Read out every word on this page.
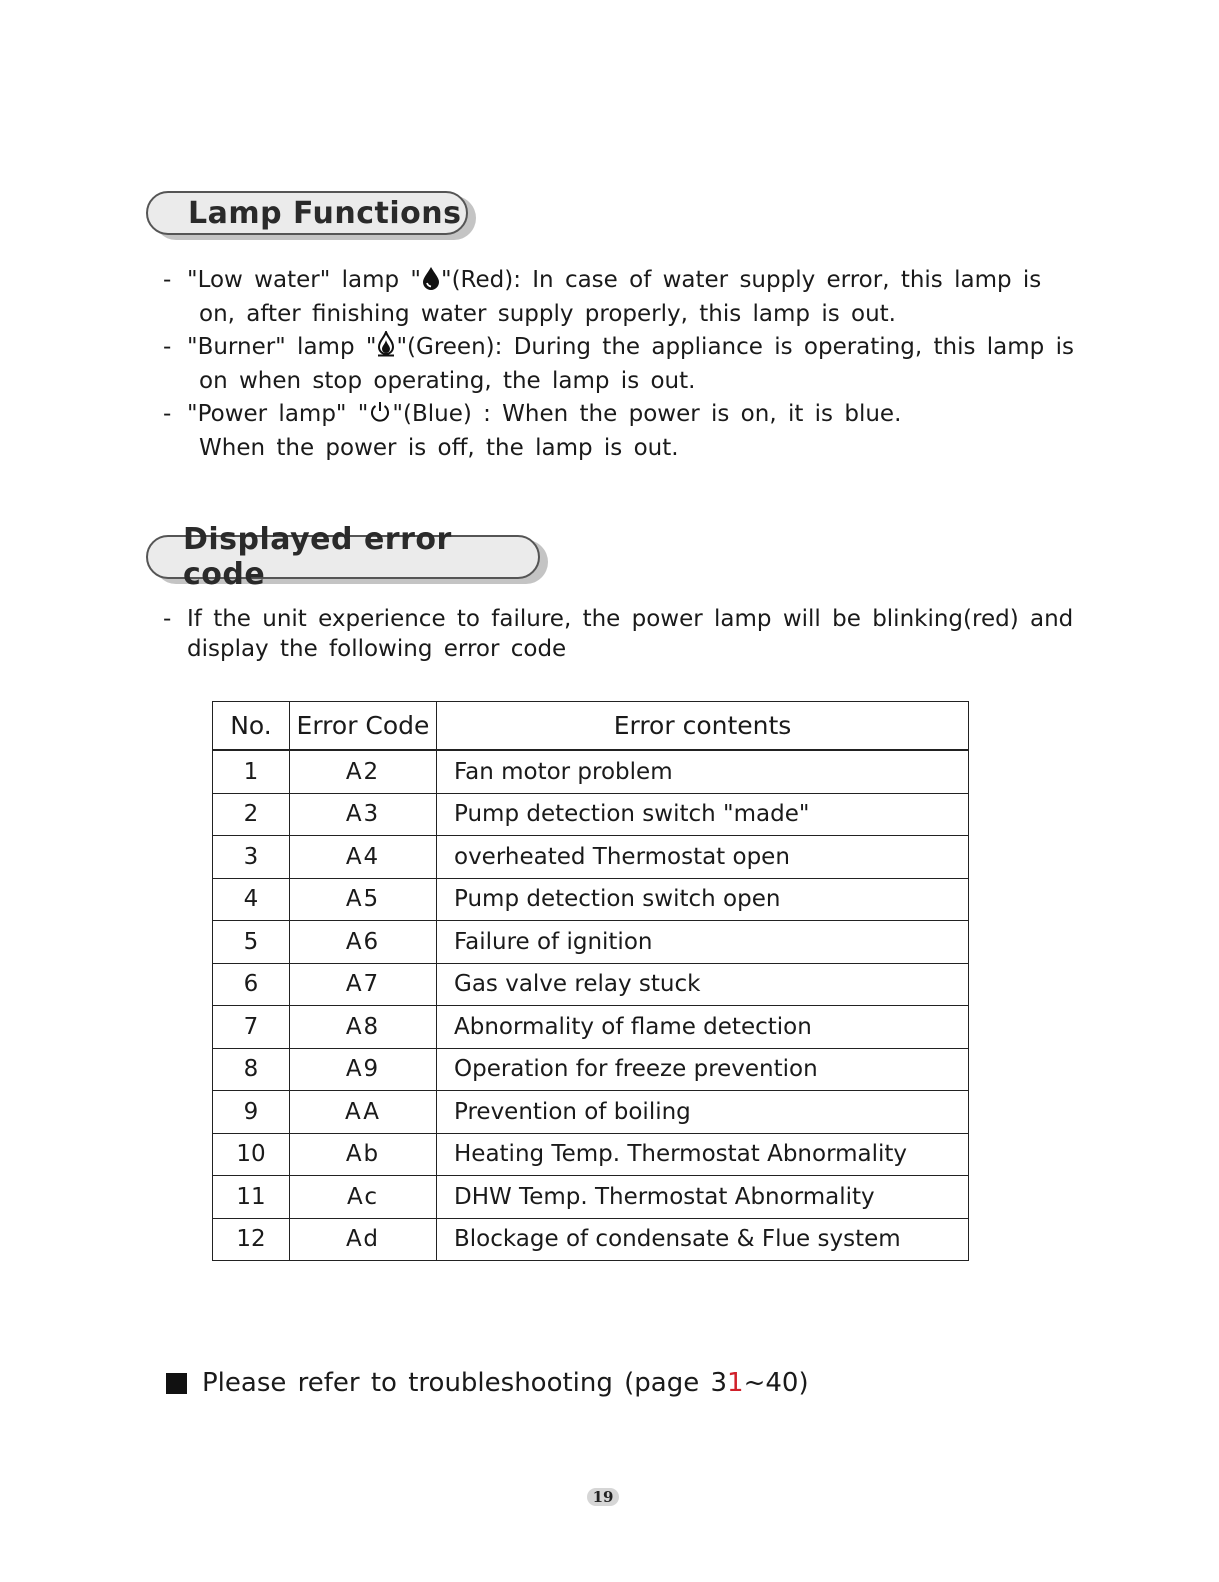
Lamp Functions
- "Low water" lamp " "(Red): In case of water supply error, this lamp is
on, after finishing water supply properly, this lamp is out.
- "Burner" lamp " "(Green): During the appliance is operating, this lamp is
on when stop operating, the lamp is out.
- "Power lamp" " "(Blue) : When the power is on, it is blue.
When the power is off, the lamp is out.
Displayed error code
- If the unit experience to failure, the power lamp will be blinking(red) and
display the following error code
No.	Error Code	Error contents
1	A2	Fan motor problem
2	A3	Pump detection switch "made"
3	A4	overheated Thermostat open
4	A5	Pump detection switch open
5	A6	Failure of ignition
6	A7	Gas valve relay stuck
7	A8	Abnormality of flame detection
8	A9	Operation for freeze prevention
9	AA	Prevention of boiling
10	Ab	Heating Temp. Thermostat Abnormality
11	Ac	DHW Temp. Thermostat Abnormality
12	Ad	Blockage of condensate & Flue system
Please refer to troubleshooting (page 3 1 ~40)
19
